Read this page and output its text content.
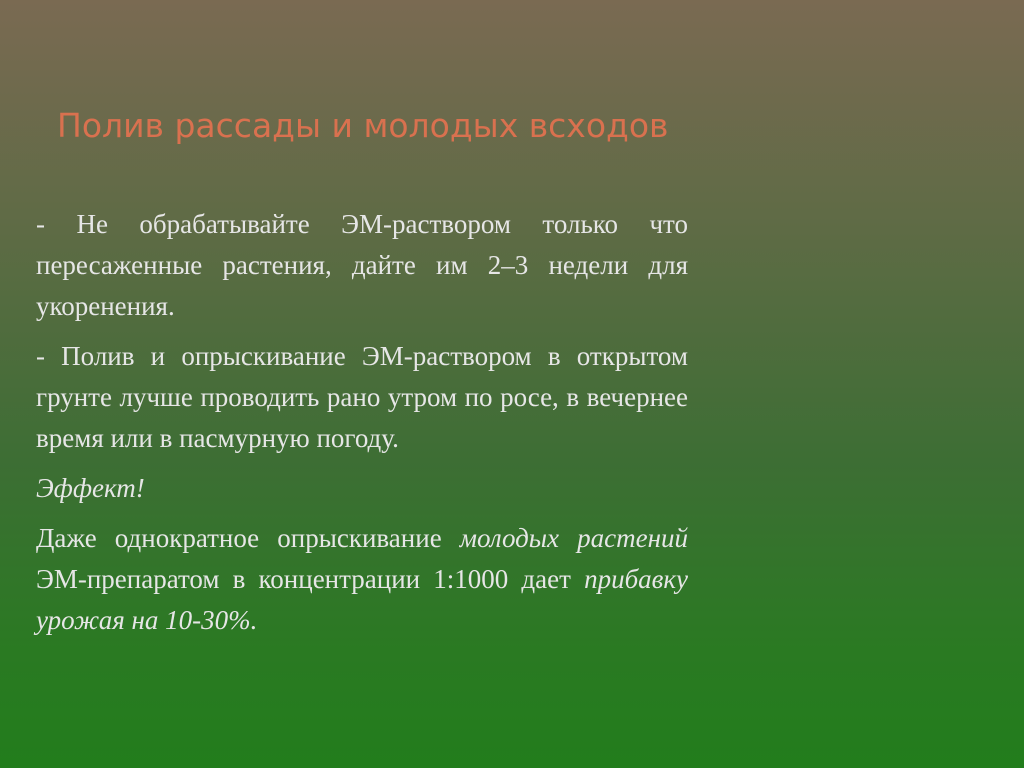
Полив рассады и молодых всходов

- Не обрабатывайте ЭМ-раствором только что пересаженные растения, дайте им 2–3 недели для укоренения.

- Полив и опрыскивание ЭМ-раствором в открытом грунте лучше проводить рано утром по росе, в вечернее время или в пасмурную погоду.

Эффект!

Даже однократное опрыскивание молодых растений ЭМ-препаратом в концентрации 1:1000 дает прибавку урожая на 10-30%.
